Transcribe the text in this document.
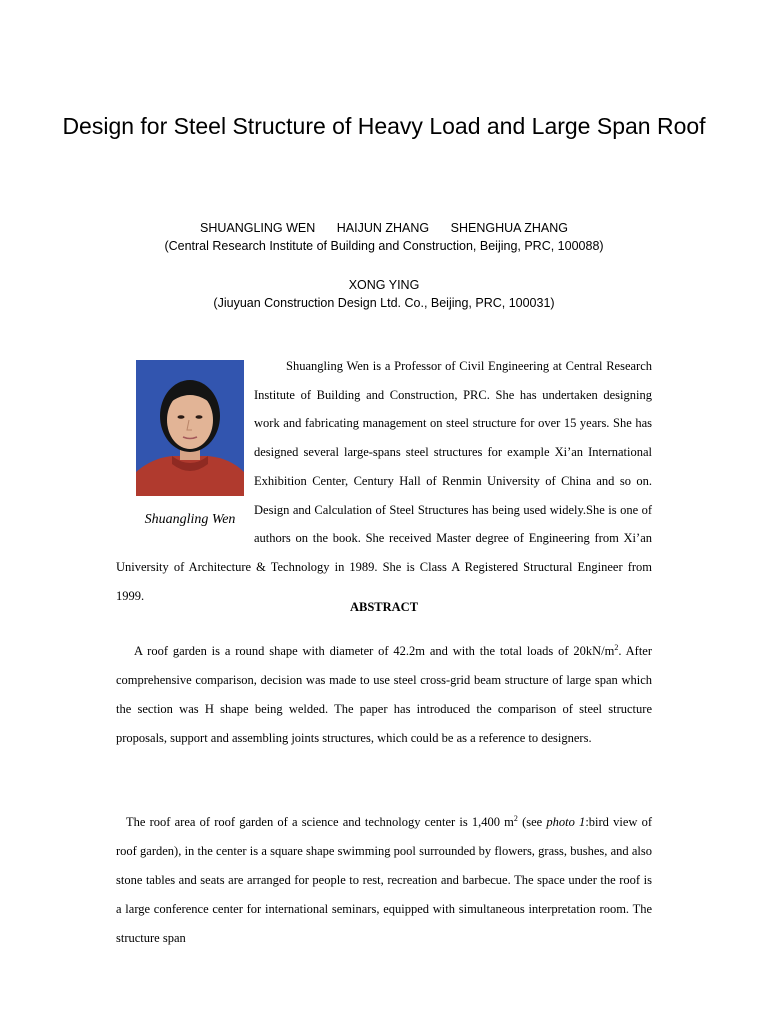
Design for Steel Structure of Heavy Load and Large Span Roof
SHUANGLING WEN HAIJUN ZHANG SHENGHUA ZHANG
(Central Research Institute of Building and Construction, Beijing, PRC, 100088)
XONG YING
(Jiuyuan Construction Design Ltd. Co., Beijing, PRC, 100031)
Shuangling Wen

Shuangling Wen is a Professor of Civil Engineering at Central Research Institute of Building and Construction, PRC. She has undertaken designing work and fabricating management on steel structure for over 15 years. She has designed several large-spans steel structures for example Xi’an International Exhibition Center, Century Hall of Renmin University of China and so on. Design and Calculation of Steel Structures has being used widely.She is one of authors on the book. She received Master degree of Engineering from Xi’an University of Architecture & Technology in 1989. She is Class A Registered Structural Engineer from 1999.

ABSTRACT

A roof garden is a round shape with diameter of 42.2m and with the total loads of $20kN/m^2$. After comprehensive comparison, decision was made to use steel cross-grid beam structure of large span which the section was H shape being welded. The paper has introduced the comparison of steel structure proposals, support and assembling joints structures, which could be as a reference to designers.

The roof area of roof garden of a science and technology center is 1,400 $m^2$ (see photo 1:bird view of roof garden), in the center is a square shape swimming pool surrounded by flowers, grass, bushes, and also stone tables and seats are arranged for people to rest, recreation and barbecue. The space under the roof is a large conference center for international seminars, equipped with simultaneous interpretation room. The structure span
